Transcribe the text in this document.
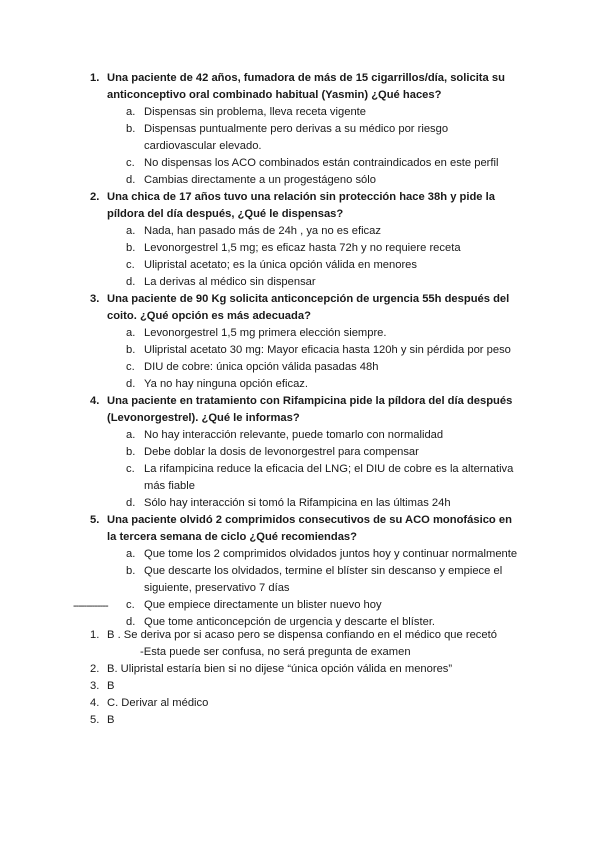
1. Una paciente de 42 años, fumadora de más de 15 cigarrillos/día, solicita su anticonceptivo oral combinado habitual (Yasmin) ¿Qué haces?
a. Dispensas sin problema, lleva receta vigente
b. Dispensas puntualmente pero derivas a su médico por riesgo cardiovascular elevado.
c. No dispensas los ACO combinados están contraindicados en este perfil
d. Cambias directamente a un progestágeno sólo
2. Una chica de 17 años tuvo una relación sin protección hace 38h y pide la píldora del día después, ¿Qué le dispensas?
a. Nada, han pasado más de 24h , ya no es eficaz
b. Levonorgestrel 1,5 mg; es eficaz hasta 72h y no requiere receta
c. Ulipristal acetato; es la única opción válida en menores
d. La derivas al médico sin dispensar
3. Una paciente de 90 Kg solicita anticoncepción de urgencia 55h después del coito. ¿Qué opción es más adecuada?
a. Levonorgestrel 1,5 mg primera elección siempre.
b. Ulipristal acetato 30 mg: Mayor eficacia hasta 120h y sin pérdida por peso
c. DIU de cobre: única opción válida pasadas 48h
d. Ya no hay ninguna opción eficaz.
4. Una paciente en tratamiento con Rifampicina pide la píldora del día después (Levonorgestrel). ¿Qué le informas?
a. No hay interacción relevante, puede tomarlo con normalidad
b. Debe doblar la dosis de levonorgestrel para compensar
c. La rifampicina reduce la eficacia del LNG; el DIU de cobre es la alternativa más fiable
d. Sólo hay interacción si tomó la Rifampicina en las últimas 24h
5. Una paciente olvidó 2 comprimidos consecutivos de su ACO monofásico en la tercera semana de ciclo ¿Qué recomiendas?
a. Que tome los 2 comprimidos olvidados juntos hoy y continuar normalmente
b. Que descarte los olvidados, termine el blíster sin descanso y empiece el siguiente, preservativo 7 días
c. Que empiece directamente un blister nuevo hoy
d. Que tome anticoncepción de urgencia y descarte el blíster.
-------------
1. B . Se deriva por si acaso pero se dispensa confiando en el médico que recetó
-Esta puede ser confusa, no será pregunta de examen
2. B. Ulipristal estaría bien si no dijese “única opción válida en menores”
3. B
4. C. Derivar al médico
5. B
